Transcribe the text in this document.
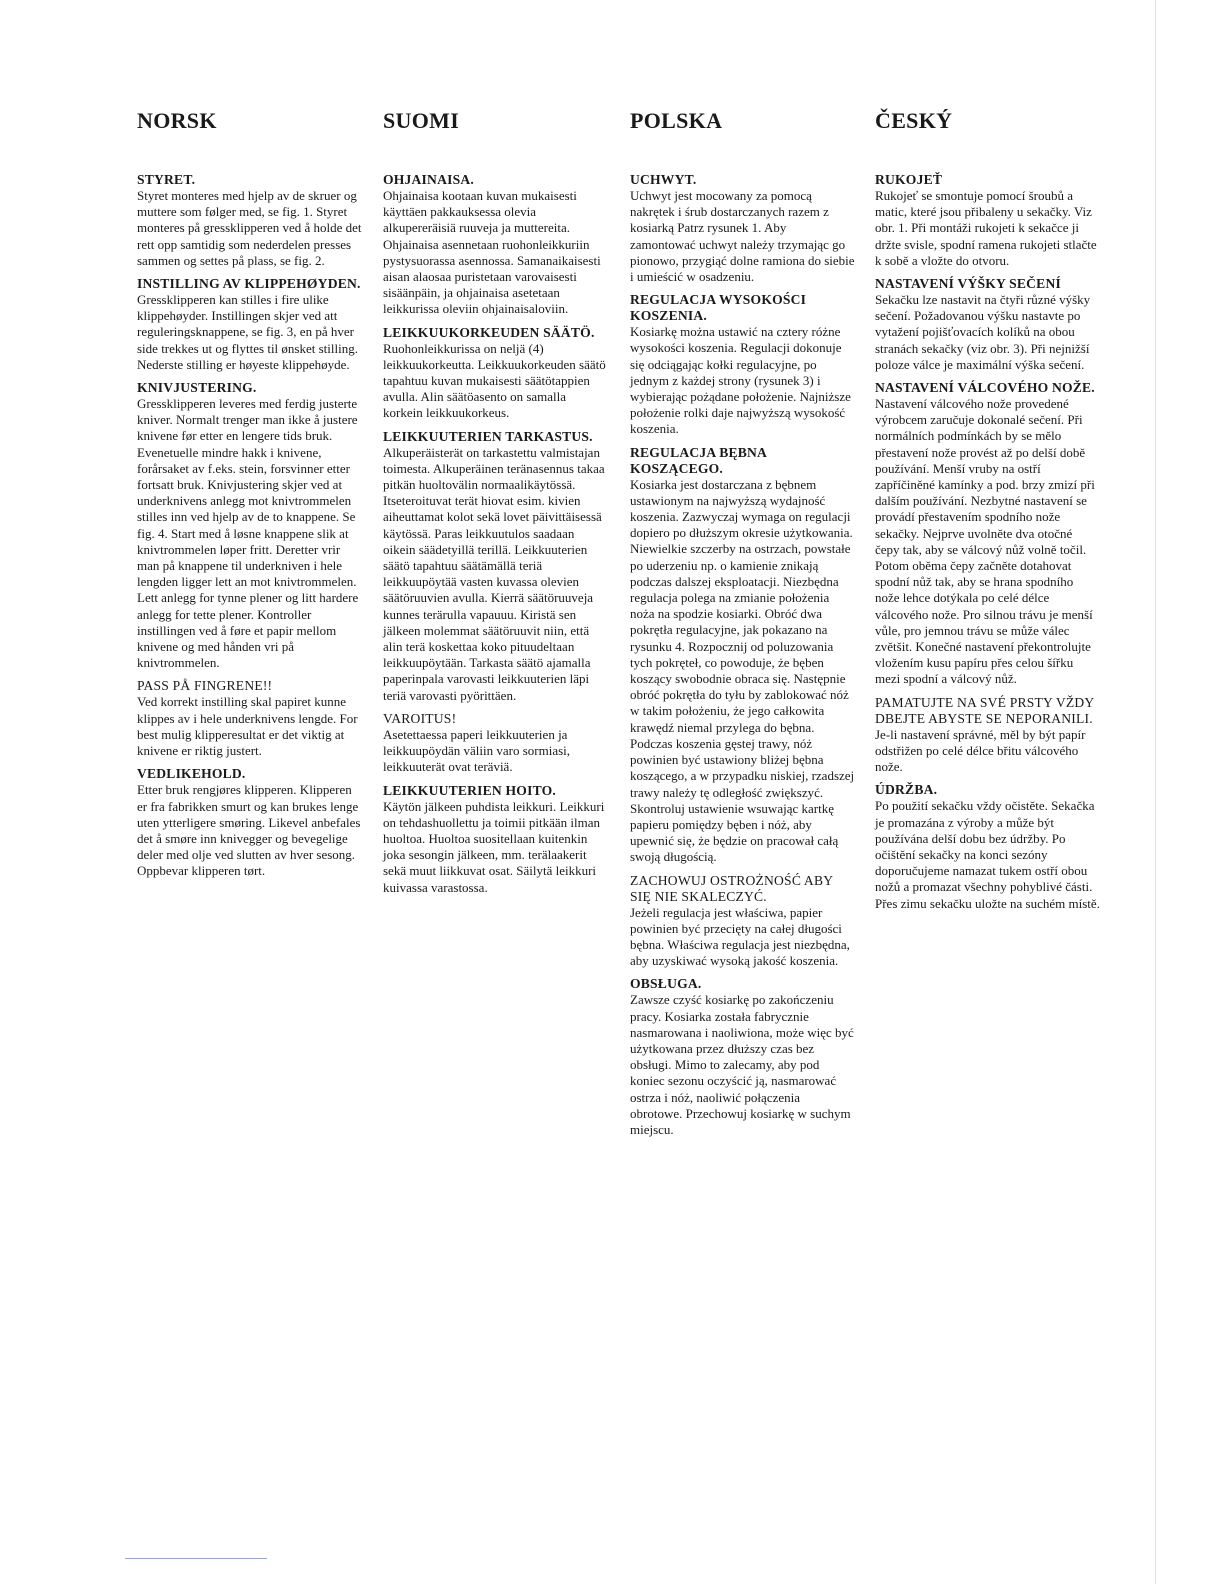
NORSK

STYRET.

Styret monteres med hjelp av de skruer og muttere som følger med, se fig. 1. Styret monteres på gressklipperen ved å holde det rett opp samtidig som nederdelen presses sammen og settes på plass, se fig. 2.

INSTILLING AV KLIPPEHØYDEN.

Gressklipperen kan stilles i fire ulike klippehøyder. Instillingen skjer ved att reguleringsknappene, se fig. 3, en på hver side trekkes ut og flyttes til ønsket stilling. Nederste stilling er høyeste klippehøyde.

KNIVJUSTERING.

Gressklipperen leveres med ferdig justerte kniver. Normalt trenger man ikke å justere knivene før etter en lengere tids bruk. Evenetuelle mindre hakk i knivene, forårsaket av f.eks. stein, forsvinner etter fortsatt bruk. Knivjustering skjer ved at underknivens anlegg mot knivtrommelen stilles inn ved hjelp av de to knappene. Se fig. 4. Start med å løsne knappene slik at knivtrommelen løper fritt. Deretter vrir man på knappene til underkniven i hele lengden ligger lett an mot knivtrommelen. Lett anlegg for tynne plener og litt hardere anlegg for tette plener. Kontroller instillingen ved å føre et papir mellom knivene og med hånden vri på knivtrommelen.

PASS PÅ FINGRENE!!

Ved korrekt instilling skal papiret kunne klippes av i hele underknivens lengde. For best mulig klipperesultat er det viktig at knivene er riktig justert.

VEDLIKEHOLD.

Etter bruk rengjøres klipperen. Klipperen er fra fabrikken smurt og kan brukes lenge uten ytterligere smøring. Likevel anbefales det å smøre inn knivegger og bevegelige deler med olje ved slutten av hver sesong. Oppbevar klipperen tørt.

SUOMI

OHJAINAISA.

Ohjainaisa kootaan kuvan mukaisesti käyttäen pakkauksessa olevia alkupereräisiä ruuveja ja muttereita. Ohjainaisa asennetaan ruohonleikkuriin pystysuorassa asennossa. Samanaikaisesti aisan alaosaa puristetaan varovaisesti sisäänpäin, ja ohjainaisa asetetaan leikkurissa oleviin ohjainaisaloviin.

LEIKKUUKORKEUDEN SÄÄTÖ.

Ruohonleikkurissa on neljä (4) leikkuukorkeutta. Leikkuukorkeuden säätö tapahtuu kuvan mukaisesti säätötappien avulla. Alin säätöasento on samalla korkein leikkuukorkeus.

LEIKKUUTERIEN TARKASTUS.

Alkuperäisterät on tarkastettu valmistajan toimesta. Alkuperäinen teränasennus takaa pitkän huoltovälin normaalikäytössä. Itseteroituvat terät hiovat esim. kivien aiheuttamat kolot sekä lovet päivittäisessä käytössä. Paras leikkuutulos saadaan oikein säädetyillä terillä. Leikkuuterien säätö tapahtuu säätämällä teriä leikkuupöytää vasten kuvassa olevien säätöruuvien avulla. Kierrä säätöruuveja kunnes terärulla vapauuu. Kiristä sen jälkeen molemmat säätöruuvit niin, että alin terä koskettaa koko pituudeltaan leikkuupöytään. Tarkasta säätö ajamalla paperinpala varovasti leikkuuterien läpi teriä varovasti pyörittäen.

VAROITUS!

Asetettaessa paperi leikkuuterien ja leikkuupöydän väliin varo sormiasi, leikkuuterät ovat teräviä.

LEIKKUUTERIEN HOITO.

Käytön jälkeen puhdista leikkuri. Leikkuri on tehdashuollettu ja toimii pitkään ilman huoltoa. Huoltoa suositellaan kuitenkin joka sesongin jälkeen, mm. terälaakerit sekä muut liikkuvat osat. Säilytä leikkuri kuivassa varastossa.

POLSKA

UCHWYT.

Uchwyt jest mocowany za pomocą nakrętek i śrub dostarczanych razem z kosiarką Patrz rysunek 1. Aby zamontować uchwyt należy trzymając go pionowo, przygiąć dolne ramiona do siebie i umieścić w osadzeniu.

REGULACJA WYSOKOŚCI KOSZENIA.

Kosiarkę można ustawić na cztery różne wysokości koszenia. Regulacji dokonuje się odciągając kołki regulacyjne, po jednym z każdej strony (rysunek 3) i wybierając pożądane położenie. Najniższe położenie rolki daje najwyższą wysokość koszenia.

REGULACJA BĘBNA KOSZĄCEGO.

Kosiarka jest dostarczana z bębnem ustawionym na najwyższą wydajność koszenia. Zazwyczaj wymaga on regulacji dopiero po dłuższym okresie użytkowania. Niewielkie szczerby na ostrzach, powstałe po uderzeniu np. o kamienie znikają podczas dalszej eksploatacji. Niezbędna regulacja polega na zmianie położenia noża na spodzie kosiarki. Obróć dwa pokrętła regulacyjne, jak pokazano na rysunku 4. Rozpocznij od poluzowania tych pokręteł, co powoduje, że bęben koszący swobodnie obraca się. Następnie obróć pokrętła do tyłu by zablokować nóż w takim położeniu, że jego całkowita krawędź niemal przylega do bębna. Podczas koszenia gęstej trawy, nóż powinien być ustawiony bliżej bębna koszącego, a w przypadku niskiej, rzadszej trawy należy tę odległość zwiększyć. Skontroluj ustawienie wsuwając kartkę papieru pomiędzy bęben i nóż, aby upewnić się, że będzie on pracował całą swoją długością.

ZACHOWUJ OSTROŻNOŚĆ ABY SIĘ NIE SKALECZYĆ.

Jeżeli regulacja jest właściwa, papier powinien być przecięty na całej długości bębna. Właściwa regulacja jest niezbędna, aby uzyskiwać wysoką jakość koszenia.

OBSŁUGA.

Zawsze czyść kosiarkę po zakończeniu pracy. Kosiarka została fabrycznie nasmarowana i naoliwiona, może więc być użytkowana przez dłuższy czas bez obsługi. Mimo to zalecamy, aby pod koniec sezonu oczyścić ją, nasmarować ostrza i nóż, naoliwić połączenia obrotowe. Przechowuj kosiarkę w suchym miejscu.

ČESKÝ

RUKOJEŤ

Rukojeť se smontuje pomocí šroubů a matic, které jsou přibaleny u sekačky. Viz obr. 1. Při montáži rukojeti k sekačce ji držte svisle, spodní ramena rukojeti stlačte k sobě a vložte do otvoru.

NASTAVENÍ VÝŠKY SEČENÍ

Sekačku lze nastavit na čtyři různé výšky sečení. Požadovanou výšku nastavte po vytažení pojišťovacích kolíků na obou stranách sekačky (viz obr. 3). Při nejnižší poloze válce je maximální výška sečení.

NASTAVENÍ VÁLCOVÉHO NOŽE.

Nastavení válcového nože provedené výrobcem zaručuje dokonalé sečení. Při normálních podmínkách by se mělo přestavení nože provést až po delší době používání. Menší vruby na ostří zapříčiněné kamínky a pod. brzy zmizí při dalším používání. Nezbytné nastavení se provádí přestavením spodního nože sekačky. Nejprve uvolněte dva otočné čepy tak, aby se válcový nůž volně točil. Potom oběma čepy začněte dotahovat spodní nůž tak, aby se hrana spodního nože lehce dotýkala po celé délce válcového nože. Pro silnou trávu je menší vůle, pro jemnou trávu se může válec zvětšit. Konečné nastavení překontrolujte vložením kusu papíru přes celou šířku mezi spodní a válcový nůž.

PAMATUJTE NA SVÉ PRSTY VŽDY DBEJTE ABYSTE SE NEPORANILI.

Je-li nastavení správné, měl by být papír odstřižen po celé délce břitu válcového nože.

ÚDRŽBA.

Po použití sekačku vždy očistěte. Sekačka je promazána z výroby a může být používána delší dobu bez údržby. Po očištění sekačky na konci sezóny doporučujeme namazat tukem ostří obou nožů a promazat všechny pohyblivé části. Přes zimu sekačku uložte na suchém místě.
